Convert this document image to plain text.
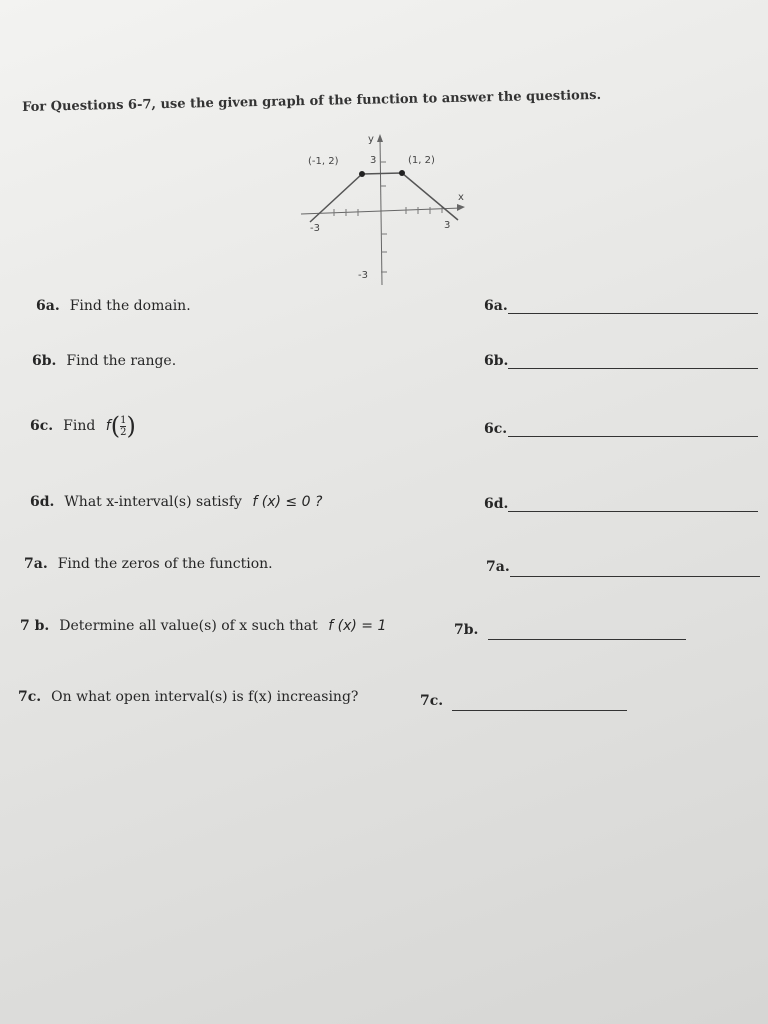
For Questions 6-7, use the given graph of the function to answer the questions.
y
x
(-1, 2)	(1, 2)
3
-3
-3	3
6a. Find the domain.	6a.
6b. Find the range.	6b.
6c. Find $f( \frac{1}{2}$ )	6c.
6d. What x-interval(s) satisfy f (x) ≤ 0 ?	6d.
7a. Find the zeros of the function.	7a.
7 b. Determine all value(s) of x such that f (x) = 1	7b.
7c. On what open interval(s) is f(x) increasing?	7c.
